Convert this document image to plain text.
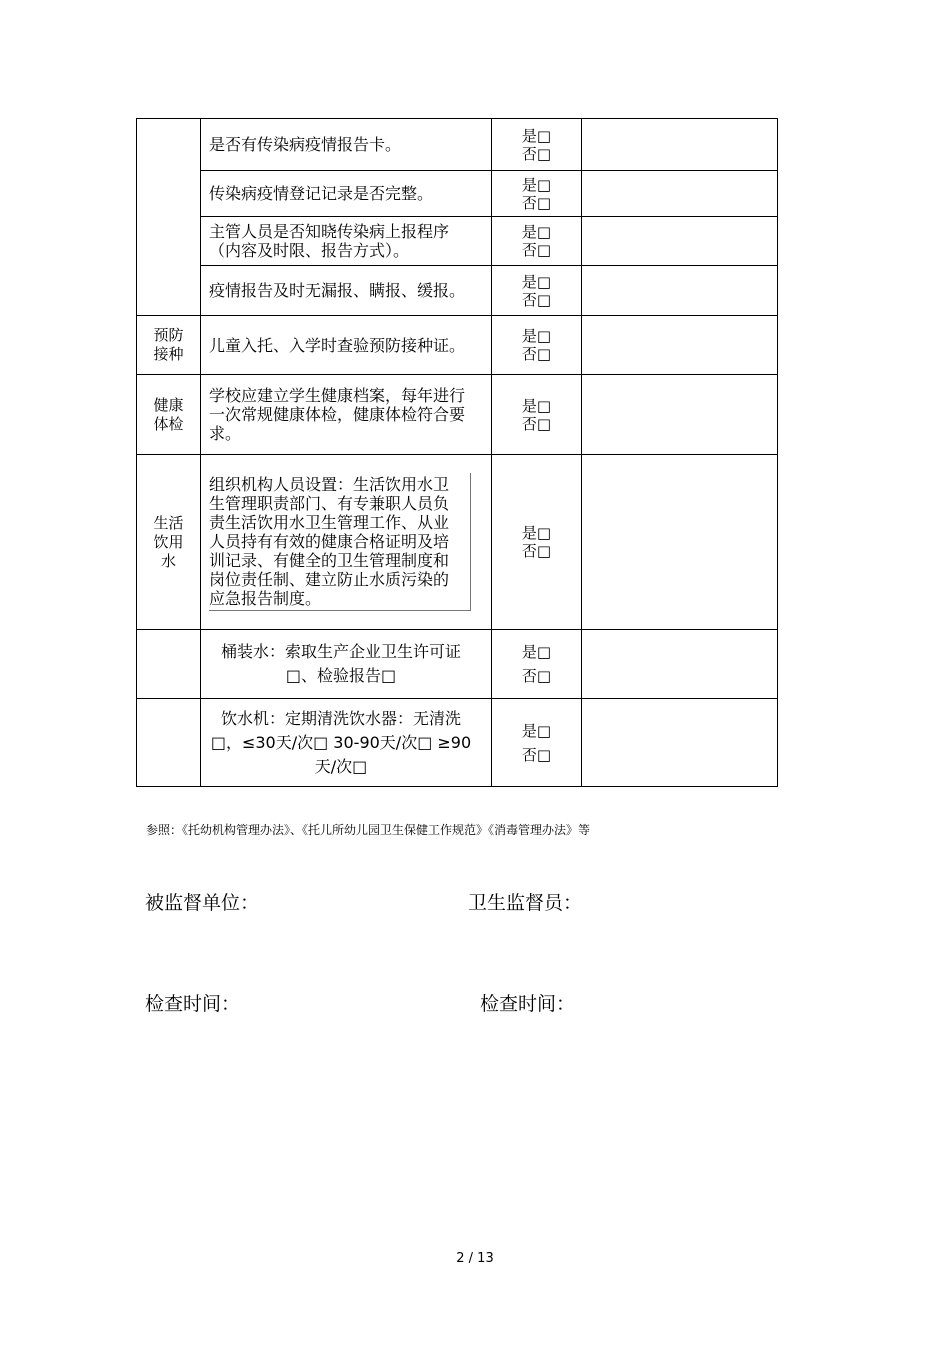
	是否有传染病疫情报告卡。	是□
否□	

	传染病疫情登记记录是否完整。	是□
否□	

	主管人员是否知晓传染病上报程序（内容及时限、报告方式）。	是□
否□	

	疫情报告及时无漏报、瞒报、缓报。	是□
否□	

预防接种	儿童入托、入学时查验预防接种证。	是□
否□	

健康体检	学校应建立学生健康档案，每年进行一次常规健康体检，健康体检符合要求。	是□
否□	

生活饮用水	组织机构人员设置：生活饮用水卫生管理职责部门、有专兼职人员负责生活饮用水卫生管理工作、从业人员持有有效的健康合格证明及培训记录、有健全的卫生管理制度和岗位责任制、建立防止水质污染的应急报告制度。	是□
否□	

	桶装水：索取生产企业卫生许可证□、检验报告□	是□
否□	

	饮水机：定期清洗饮水器：无清洗□，≤30天/次□ 30-90天/次□ ≥90天/次□	是□
否□	

参照：《托幼机构管理办法》、《托儿所幼儿园卫生保健工作规范》《消毒管理办法》等
被监督单位：	卫生监督员：
检查时间：	检查时间：
2 / 13
